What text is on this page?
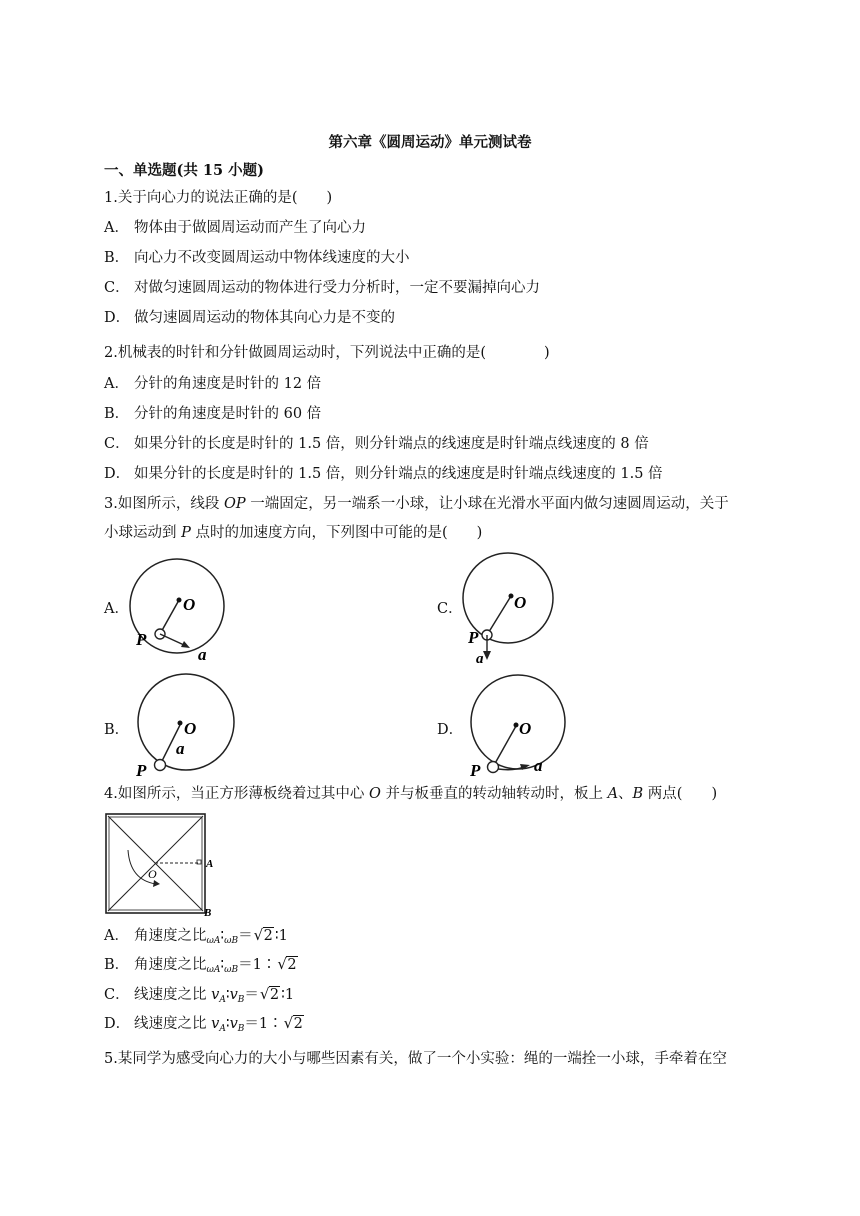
第六章《圆周运动》单元测试卷
一、单选题(共 15 小题)
1.关于向心力的说法正确的是(　　)
A． 物体由于做圆周运动而产生了向心力
B． 向心力不改变圆周运动中物体线速度的大小
C． 对做匀速圆周运动的物体进行受力分析时，一定不要漏掉向心力
D． 做匀速圆周运动的物体其向心力是不变的
2.机械表的时针和分针做圆周运动时，下列说法中正确的是(　　　　)
A． 分针的角速度是时针的 12 倍
B． 分针的角速度是时针的 60 倍
C． 如果分针的长度是时针的 1.5 倍，则分针端点的线速度是时针端点线速度的 8 倍
D． 如果分针的长度是时针的 1.5 倍，则分针端点的线速度是时针端点线速度的 1.5 倍
3.如图所示，线段 OP 一端固定，另一端系一小球，让小球在光滑水平面内做匀速圆周运动，关于
小球运动到 P 点时的加速度方向，下列图中可能的是(　　)
A．	O
P
a
C．	O
P
a
B．	O
P
a
D．	O
P	a
4.如图所示，当正方形薄板绕着过其中心 O 并与板垂直的转动轴转动时，板上 A、B 两点(　　)
O
A
B
A． 角速度之比$_{\omega A}∶_{\omega B}=√$ 2 ∶1
B． 角速度之比$_{\omega A}∶_{\omega B}=1∶√$ 2
C． 线速度之比 $v_A∶v_B=√$ 2 ∶1
D． 线速度之比 $v_A∶v_B=1∶√$ 2
5.某同学为感受向心力的大小与哪些因素有关，做了一个小实验：绳的一端拴一小球，手牵着在空
